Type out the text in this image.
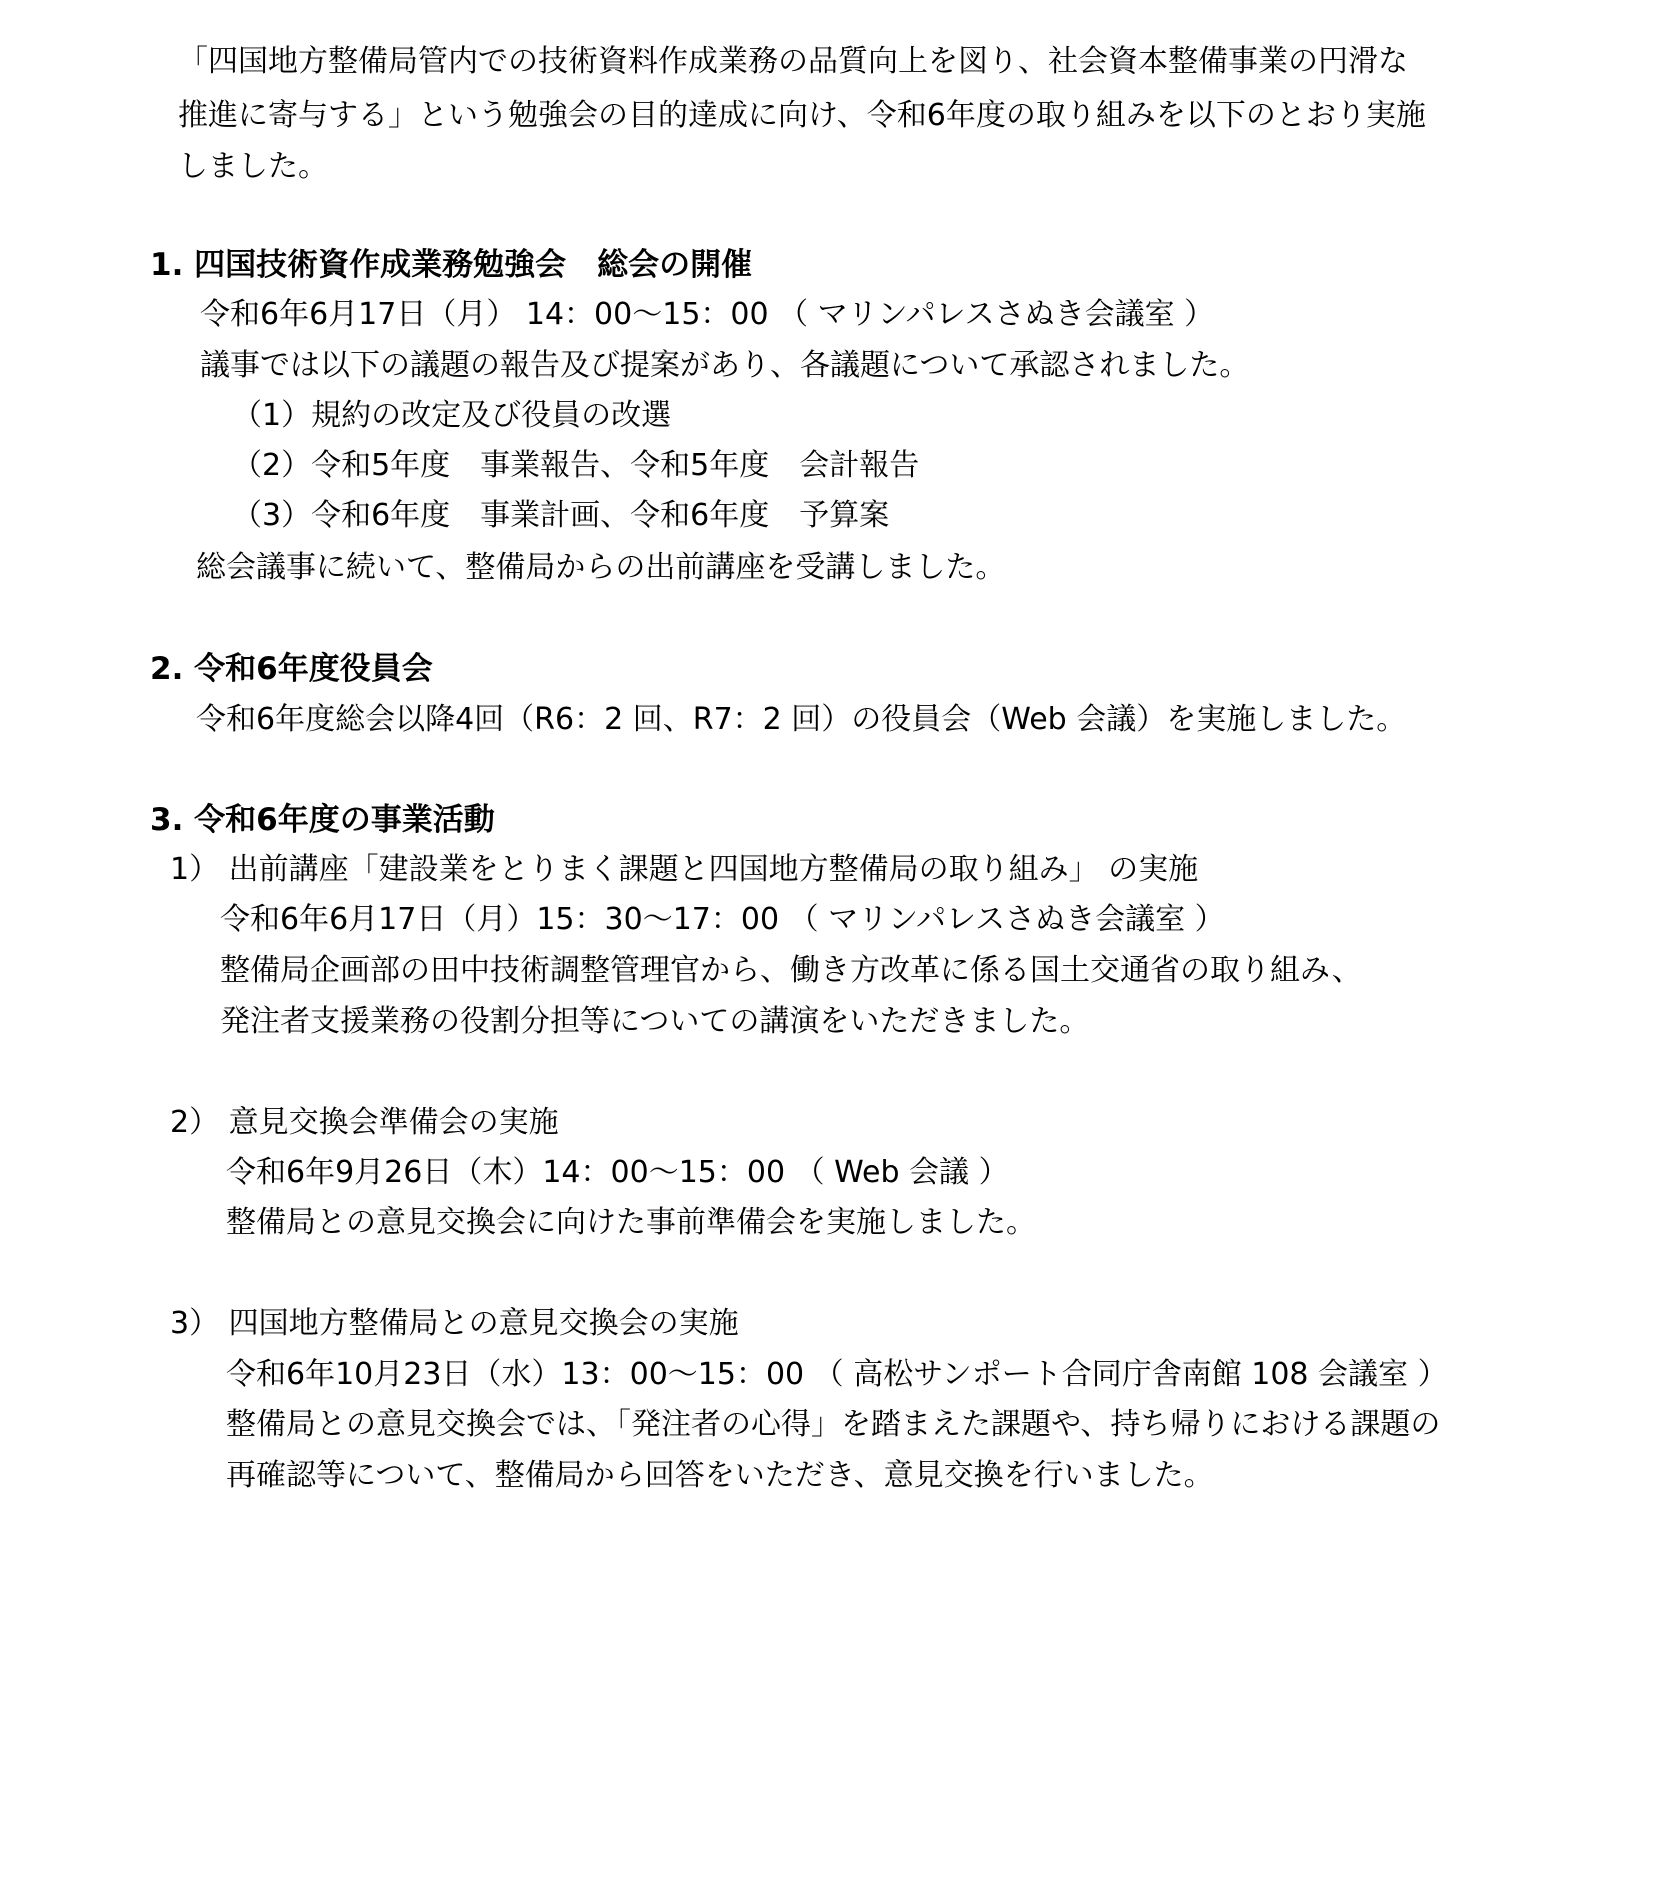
「四国地方整備局管内での技術資料作成業務の品質向上を図り、社会資本整備事業の円滑な
推進に寄与する」という勉強会の目的達成に向け、令和6年度の取り組みを以下のとおり実施
しました。
1. 四国技術資作成業務勉強会　総会の開催
令和6年6月17日（月） 14：00～15：00 （ マリンパレスさぬき会議室 ）
議事では以下の議題の報告及び提案があり、各議題について承認されました。
（1）規約の改定及び役員の改選
（2）令和5年度　事業報告、令和5年度　会計報告
（3）令和6年度　事業計画、令和6年度　予算案
総会議事に続いて、整備局からの出前講座を受講しました。
2. 令和6年度役員会
令和6年度総会以降4回（R6：2 回、R7：2 回）の役員会（Web 会議）を実施しました。
3. 令和6年度の事業活動
1） 出前講座「建設業をとりまく課題と四国地方整備局の取り組み」 の実施
令和6年6月17日（月）15：30～17：00 （ マリンパレスさぬき会議室 ）
整備局企画部の田中技術調整管理官から、働き方改革に係る国土交通省の取り組み、
発注者支援業務の役割分担等についての講演をいただきました。
2） 意見交換会準備会の実施
令和6年9月26日（木）14：00～15：00 （ Web 会議 ）
整備局との意見交換会に向けた事前準備会を実施しました。
3） 四国地方整備局との意見交換会の実施
令和6年10月23日（水）13：00～15：00 （ 高松サンポート合同庁舎南館 108 会議室 ）
整備局との意見交換会では、「発注者の心得」を踏まえた課題や、持ち帰りにおける課題の
再確認等について、整備局から回答をいただき、意見交換を行いました。
